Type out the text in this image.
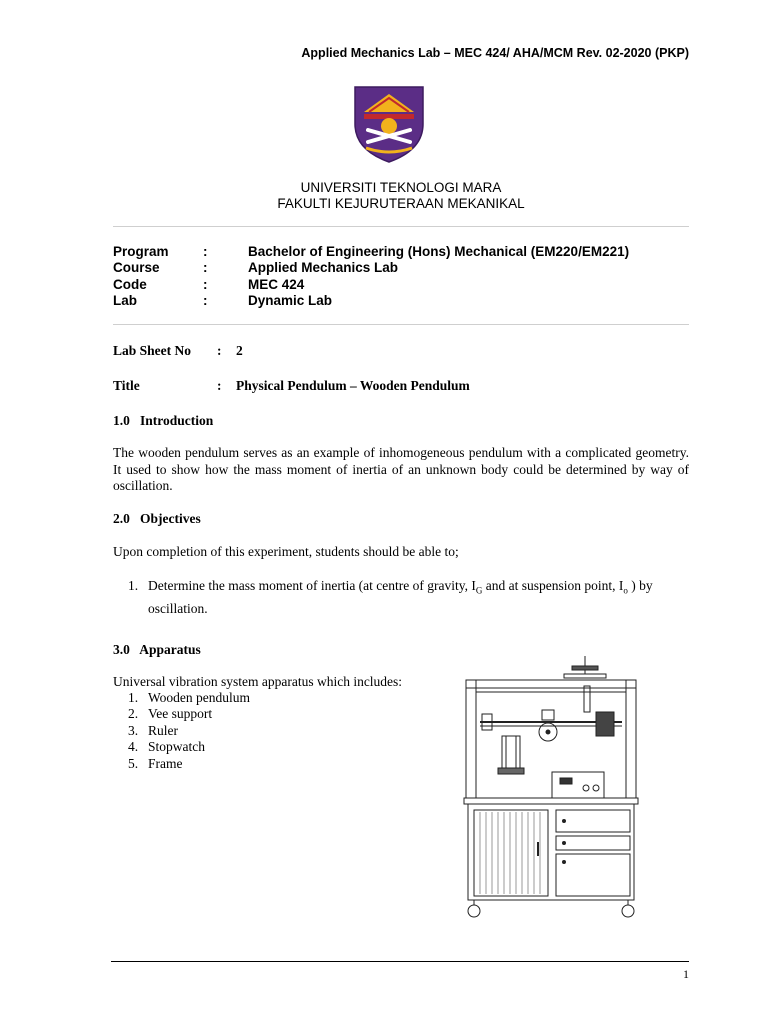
Applied Mechanics Lab – MEC 424/ AHA/MCM Rev. 02-2020 (PKP)
UNIVERSITI TEKNOLOGI MARA
FAKULTI KEJURUTERAAN MEKANIKAL
Program	:	Bachelor of Engineering (Hons) Mechanical (EM220/EM221)
Course	:	Applied Mechanics Lab
Code	:	MEC 424
Lab	:	Dynamic Lab
Lab Sheet No : 2
Title	: Physical Pendulum – Wooden Pendulum
1.0   Introduction
The wooden pendulum serves as an example of inhomogeneous pendulum with a complicated geometry. It used to show how the mass moment of inertia of an unknown body could be determined by way of oscillation.
2.0   Objectives
Upon completion of this experiment, students should be able to;
1. Determine the mass moment of inertia (at centre of gravity, $I_G$ and at suspension point, $I_o$ ) by
oscillation.
3.0   Apparatus
Universal vibration system apparatus which includes:
1. Wooden pendulum
2. Vee support
3. Ruler
4. Stopwatch
5. Frame
1
